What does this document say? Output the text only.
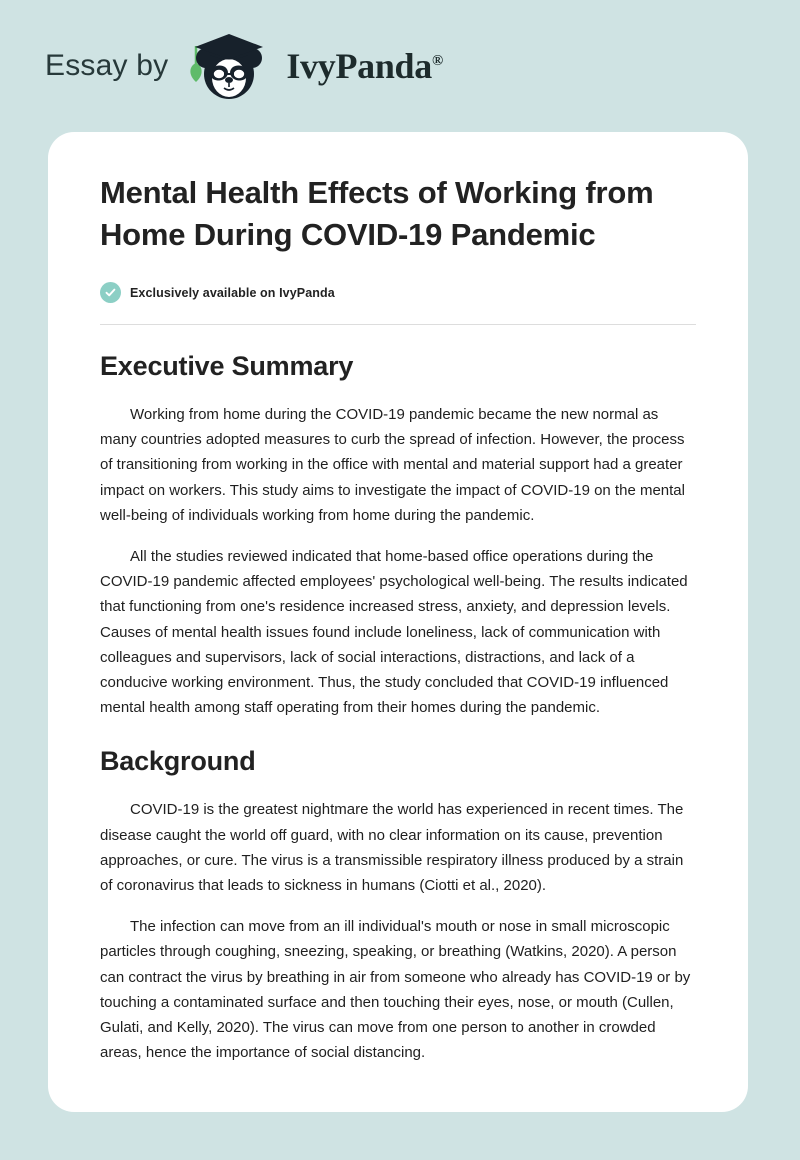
Essay by	IvyPanda®
Mental Health Effects of Working from Home During COVID-19 Pandemic
Exclusively available on IvyPanda
Executive Summary

Working from home during the COVID-19 pandemic became the new normal as many countries adopted measures to curb the spread of infection. However, the process of transitioning from working in the office with mental and material support had a greater impact on workers. This study aims to investigate the impact of COVID-19 on the mental well-being of individuals working from home during the pandemic.

All the studies reviewed indicated that home-based office operations during the COVID-19 pandemic affected employees' psychological well-being. The results indicated that functioning from one's residence increased stress, anxiety, and depression levels. Causes of mental health issues found include loneliness, lack of communication with colleagues and supervisors, lack of social interactions, distractions, and lack of a conducive working environment. Thus, the study concluded that COVID-19 influenced mental health among staff operating from their homes during the pandemic.

Background

COVID-19 is the greatest nightmare the world has experienced in recent times. The disease caught the world off guard, with no clear information on its cause, prevention approaches, or cure. The virus is a transmissible respiratory illness produced by a strain of coronavirus that leads to sickness in humans (Ciotti et al., 2020).

The infection can move from an ill individual's mouth or nose in small microscopic particles through coughing, sneezing, speaking, or breathing (Watkins, 2020). A person can contract the virus by breathing in air from someone who already has COVID-19 or by touching a contaminated surface and then touching their eyes, nose, or mouth (Cullen, Gulati, and Kelly, 2020). The virus can move from one person to another in crowded areas, hence the importance of social distancing.
